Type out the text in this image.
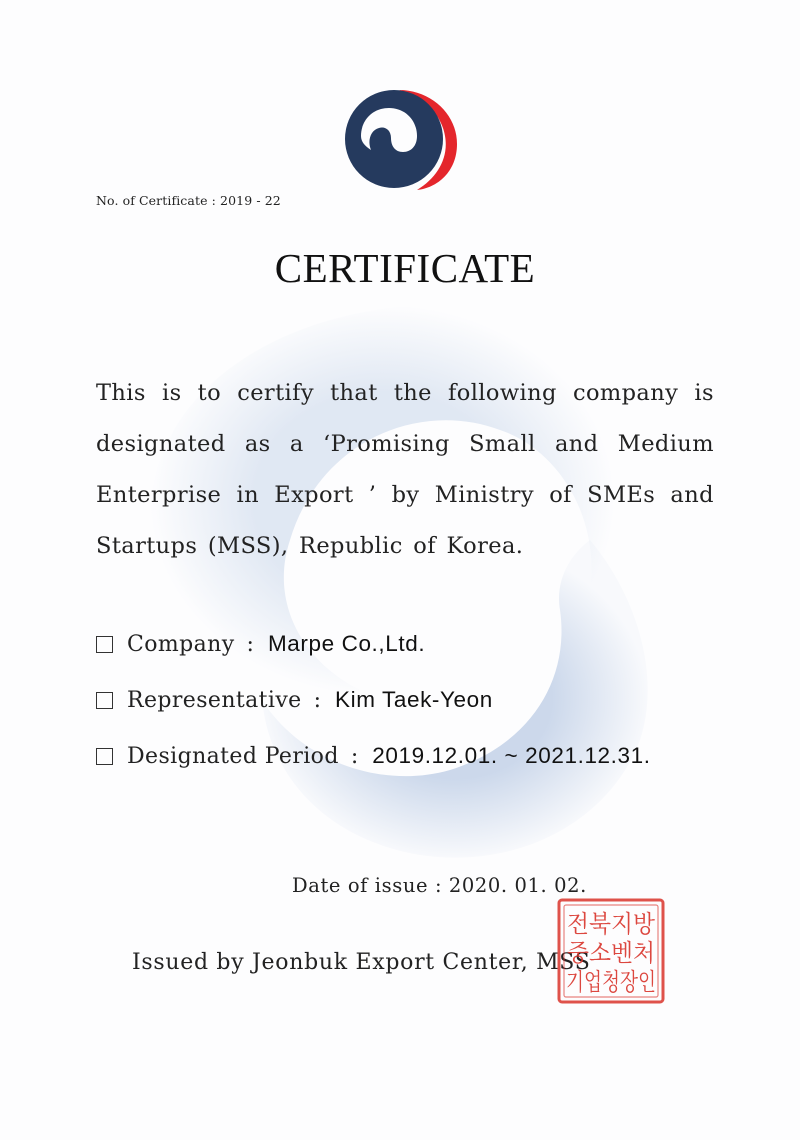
No. of Certificate : 2019 - 22
CERTIFICATE
This is to certify that the following company is
designated as a ‘Promising Small and Medium
Enterprise in Export ’ by Ministry of SMEs and
Startups (MSS), Republic of Korea.
Company : Marpe Co.,Ltd.
Representative : Kim Taek-Yeon
Designated Period : 2019.12.01. ~ 2021.12.31.
Date of issue : 2020. 01. 02.
Issued by Jeonbuk Export Center, MSS
전북지방
중소벤처
기업청장인
